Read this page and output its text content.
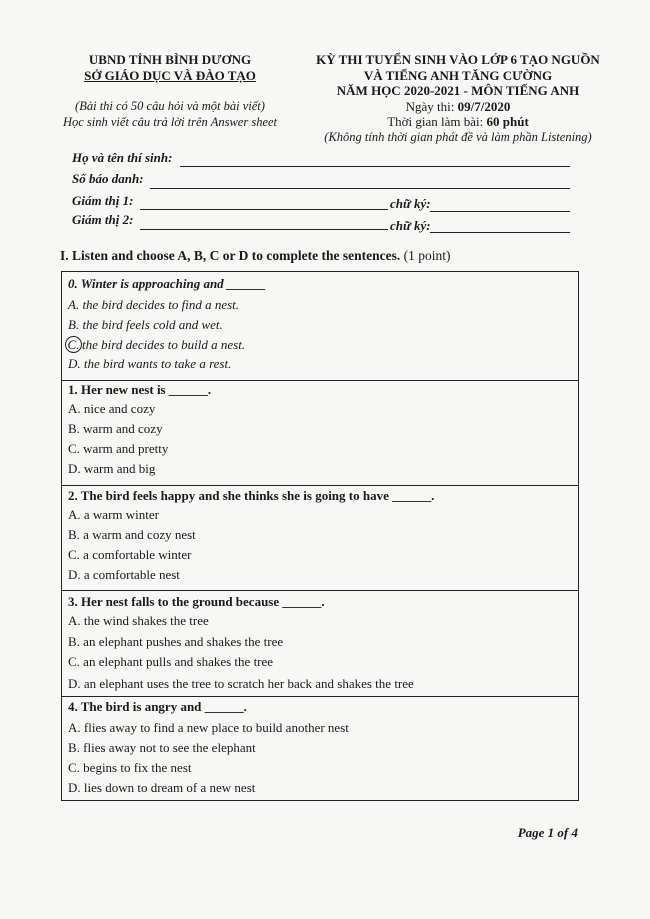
UBND TỈNH BÌNH DƯƠNG
SỞ GIÁO DỤC VÀ ĐÀO TẠO
(Bài thi có 50 câu hỏi và một bài viết)
Học sinh viết câu trả lời trên Answer sheet
KỲ THI TUYỂN SINH VÀO LỚP 6 TẠO NGUỒN
VÀ TIẾNG ANH TĂNG CƯỜNG
NĂM HỌC 2020-2021 - MÔN TIẾNG ANH
Ngày thi: 09/7/2020
Thời gian làm bài: 60 phút
(Không tính thời gian phát đề và làm phần Listening)
Họ và tên thí sinh:
Số báo danh:
Giám thị 1:	chữ ký:
Giám thị 2:	chữ ký:
I. Listen and choose A, B, C or D to complete the sentences. (1 point)
0. Winter is approaching and ______
A. the bird decides to find a nest.
B. the bird feels cold and wet.
C. the bird decides to build a nest.
D. the bird wants to take a rest.
1. Her new nest is ______.
A. nice and cozy
B. warm and cozy
C. warm and pretty
D. warm and big
2. The bird feels happy and she thinks she is going to have ______.
A. a warm winter
B. a warm and cozy nest
C. a comfortable winter
D. a comfortable nest
3. Her nest falls to the ground because ______.
A. the wind shakes the tree
B. an elephant pushes and shakes the tree
C. an elephant pulls and shakes the tree
D. an elephant uses the tree to scratch her back and shakes the tree
4. The bird is angry and ______.
A. flies away to find a new place to build another nest
B. flies away not to see the elephant
C. begins to fix the nest
D. lies down to dream of a new nest
Page 1 of 4
